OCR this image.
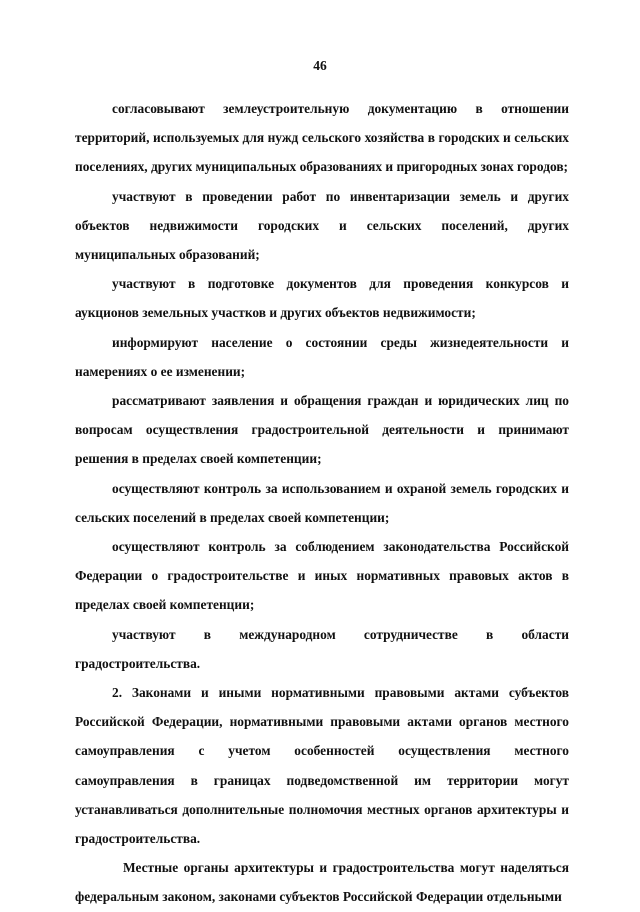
46

согласовывают землеустроительную документацию в отношении территорий, используемых для нужд сельского хозяйства в городских и сельских поселениях, других муниципальных образованиях и пригородных зонах городов;

участвуют в проведении работ по инвентаризации земель и других объектов недвижимости городских и сельских поселений, других муниципальных образований;

участвуют в подготовке документов для проведения конкурсов и аукционов земельных участков и других объектов недвижимости;

информируют население о состоянии среды жизнедеятельности и намерениях о ее изменении;

рассматривают заявления и обращения граждан и юридических лиц по вопросам осуществления градостроительной деятельности и принимают решения в пределах своей компетенции;

осуществляют контроль за использованием и охраной земель городских и сельских поселений в пределах своей компетенции;

осуществляют контроль за соблюдением законодательства Российской Федерации о градостроительстве и иных нормативных правовых актов в пределах своей компетенции;

участвуют в международном сотрудничестве в области градостроительства.

2. Законами и иными нормативными правовыми актами субъектов Российской Федерации, нормативными правовыми актами органов местного самоуправления с учетом особенностей осуществления местного самоуправления в границах подведомственной им территории могут устанавливаться дополнительные полномочия местных органов архитектуры и градостроительства.

Местные органы архитектуры и градостроительства могут наделяться федеральным законом, законами субъектов Российской Федерации отдельными
